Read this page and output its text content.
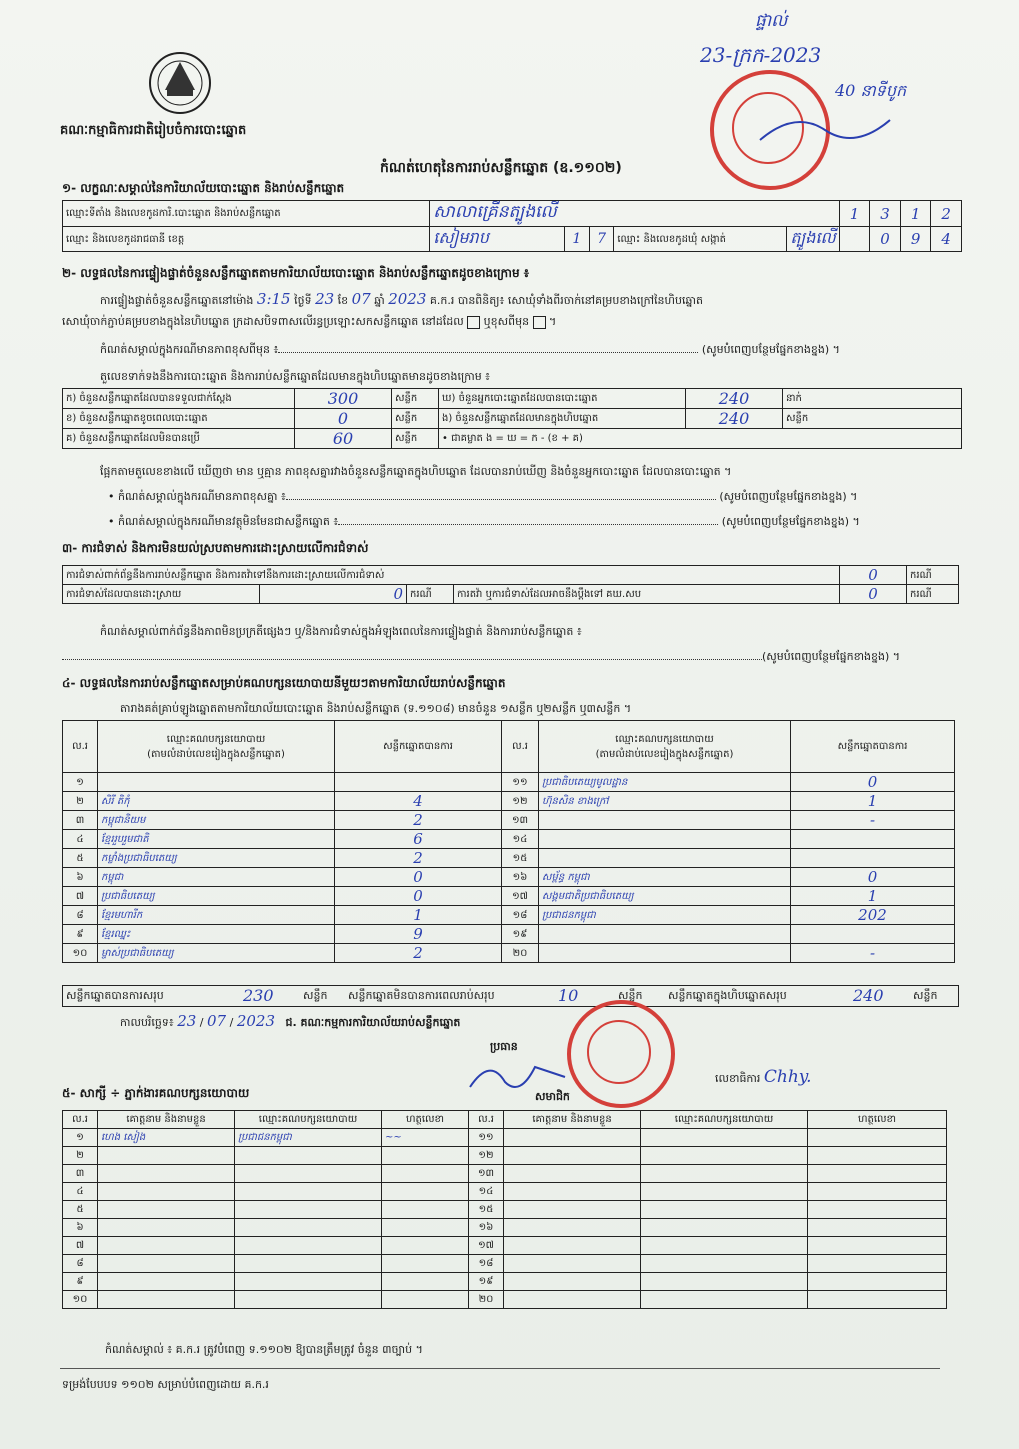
ផ្ទាល់
23-ក្រក-2023
40 នាទីបូក
គណៈកម្មាធិការជាតិរៀបចំការបោះឆ្នោត
កំណត់ហេតុនៃការរាប់សន្លឹកឆ្នោត (ឧ.១១០២)
១- លក្ខណៈសម្គាល់នៃការិយាល័យបោះឆ្នោត និងរាប់សន្លឹកឆ្នោត
ឈ្មោះទីតាំង និងលេខកូដការិ.បោះឆ្នោត និងរាប់សន្លឹកឆ្នោត	សាលាគ្រើនត្បូងលើ					1	3	1	2
ឈ្មោះ និងលេខកូដរាជធានី ខេត្ត	សៀមរាប	1	7	ឈ្មោះ និងលេខកូដឃុំ សង្កាត់	ត្បូងលើ		0	9	4
២- លទ្ធផលនៃការផ្ទៀងផ្ទាត់ចំនួនសន្លឹកឆ្នោតតាមការិយាល័យបោះឆ្នោត និងរាប់សន្លឹកឆ្នោតដូចខាងក្រោម ៖
ការផ្ទៀងផ្ទាត់ចំនួនសន្លឹកឆ្នោតនៅម៉ោង 3:15 ថ្ងៃទី 23 ខែ 07 ឆ្នាំ 2023 គ.ក.រ បានពិនិត្យ៖ សោឃុំទាំងពីរចាក់នៅគម្របខាងក្រៅនៃហិបឆ្នោត
សោឃុំចាក់ភ្ជាប់គម្របខាងក្នុងនៃហិបឆ្នោត ក្រដាសបិទពាសលើរន្ធប្រឡោះសកសន្លឹកឆ្នោត នៅដដែល ឬខុសពីមុន  ។
កំណត់សម្គាល់ក្នុងករណីមានភាពខុសពីមុន ៖	(សូមបំពេញបន្ថែមផ្នែកខាងខ្នង) ។
តួលេខទាក់ទងនឹងការបោះឆ្នោត និងការរាប់សន្លឹកឆ្នោតដែលមានក្នុងហិបឆ្នោតមានដូចខាងក្រោម ៖
ក) ចំនួនសន្លឹកឆ្នោតដែលបានទទួលជាក់ស្តែង	300	សន្លឹក	ឃ) ចំនួនអ្នកបោះឆ្នោតដែលបានបោះឆ្នោត	240	នាក់
ខ) ចំនួនសន្លឹកឆ្នោតខូចពេលបោះឆ្នោត	0	សន្លឹក	ង) ចំនួនសន្លឹកឆ្នោតដែលមានក្នុងហិបឆ្នោត	240	សន្លឹក
គ) ចំនួនសន្លឹកឆ្នោតដែលមិនបានប្រើ	60	សន្លឹក	• ជាគម្លាត ង = ឃ = ក - (ខ + គ)		
ផ្អែកតាមតួលេខខាងលើ ឃើញថា មាន ឬគ្មាន ភាពខុសគ្នារវាងចំនួនសន្លឹកឆ្នោតក្នុងហិបឆ្នោត ដែលបានរាប់ឃើញ និងចំនួនអ្នកបោះឆ្នោត ដែលបានបោះឆ្នោត ។
• កំណត់សម្គាល់ក្នុងករណីមានភាពខុសគ្នា ៖	(សូមបំពេញបន្ថែមផ្នែកខាងខ្នង) ។
• កំណត់សម្គាល់ក្នុងករណីមានវត្ថុមិនមែនជាសន្លឹកឆ្នោត ៖	(សូមបំពេញបន្ថែមផ្នែកខាងខ្នង) ។
៣- ការជំទាស់ និងការមិនយល់ស្របតាមការដោះស្រាយលើការជំទាស់
ការជំទាស់ពាក់ព័ន្ធនឹងការរាប់សន្លឹកឆ្នោត និងការតវ៉ាទៅនឹងការដោះស្រាយលើការជំទាស់				0	ករណី
ការជំទាស់ដែលបានដោះស្រាយ	0	ករណី	ការតវ៉ា ឬការជំទាស់ដែលអាចនឹងប្តឹងទៅ គឃ.សប	0	ករណី
កំណត់សម្គាល់ពាក់ព័ន្ធនឹងភាពមិនប្រក្រតីផ្សេងៗ ឬ/និងការជំទាស់ក្នុងអំឡុងពេលនៃការផ្ទៀងផ្ទាត់ និងការរាប់សន្លឹកឆ្នោត ៖
(សូមបំពេញបន្ថែមផ្នែកខាងខ្នង) ។
៤- លទ្ធផលនៃការរាប់សន្លឹកឆ្នោតសម្រាប់គណបក្សនយោបាយនីមួយៗតាមការិយាល័យរាប់សន្លឹកឆ្នោត
តារាងគត់គ្រាប់ឡូងឆ្នោតតាមការិយាល័យបោះឆ្នោត និងរាប់សន្លឹកឆ្នោត (ទ.១១០៨) មានចំនួន ១សន្លឹក ឬ២សន្លឹក ឬ៣សន្លឹក ។
ល.រ	ឈ្មោះគណបក្សនយោបាយ
(តាមលំដាប់លេខរៀងក្នុងសន្លឹកឆ្នោត)	សន្លឹកឆ្នោតបានការ	ល.រ	ឈ្មោះគណបក្សនយោបាយ
(តាមលំដាប់លេខរៀងក្នុងសន្លឹកឆ្នោត)	សន្លឹកឆ្នោតបានការ
១			១១	ប្រជាធិបតេយ្យមូលដ្ឋាន	0
២	សិរី តិកុំ	4	១២	ហ៊ុនសិន ខាងក្រៅ	1
៣	កម្ពុជានិយម	2	១៣		-
៤	ខ្មែររួបរួមជាតិ	6	១៤		
៥	កម្លាំងប្រជាធិបតេយ្យ	2	១៥		
៦	កម្ពុជា	0	១៦	សម្ព័ន្ធ កម្ពុជា	0
៧	ប្រជាធិបតេយ្យ	0	១៧	សង្គមជាតិប្រជាធិបតេយ្យ	1
៨	ខ្មែរមហារីក	1	១៨	ប្រជាជនកម្ពុជា	202
៩	ខ្មែរឈ្នះ	9	១៩		
១០	ម្ចាស់ប្រជាធិបតេយ្យ	2	២០		-
សន្លឹកឆ្នោតបានការសរុប	230	សន្លឹក សន្លឹកឆ្នោតមិនបានការពេលរាប់សរុប	10	សន្លឹក សន្លឹកឆ្នោតក្នុងហិបឆ្នោតសរុប	240	សន្លឹក
កាលបរិច្ឆេទ៖ 23 / 07 / 2023 ជ. គណៈកម្មការការិយាល័យរាប់សន្លឹកឆ្នោត
ប្រធាន
សមាជិក
លេខាធិការ Chhy.
៥- សាក្សី ÷ ភ្នាក់ងារគណបក្សនយោបាយ
ល.រ	គោត្តនាម និងនាមខ្លួន	ឈ្មោះគណបក្សនយោបាយ	ហត្ថលេខា	ល.រ	គោត្តនាម និងនាមខ្លួន	ឈ្មោះគណបក្សនយោបាយ	ហត្ថលេខា
១	ហេង សៀង	ប្រជាជនកម្ពុជា	~~	១១			
២				១២			
៣				១៣			
៤				១៤			
៥				១៥			
៦				១៦			
៧				១៧			
៨				១៨			
៩				១៩			
១០				២០			
កំណត់សម្គាល់ ៖ គ.ក.រ ត្រូវបំពេញ ទ.១១០២ ឱ្យបានត្រឹមត្រូវ ចំនួន ៣ច្បាប់ ។
ទម្រង់បែបបទ ១១០២ សម្រាប់បំពេញដោយ គ.ក.រ
